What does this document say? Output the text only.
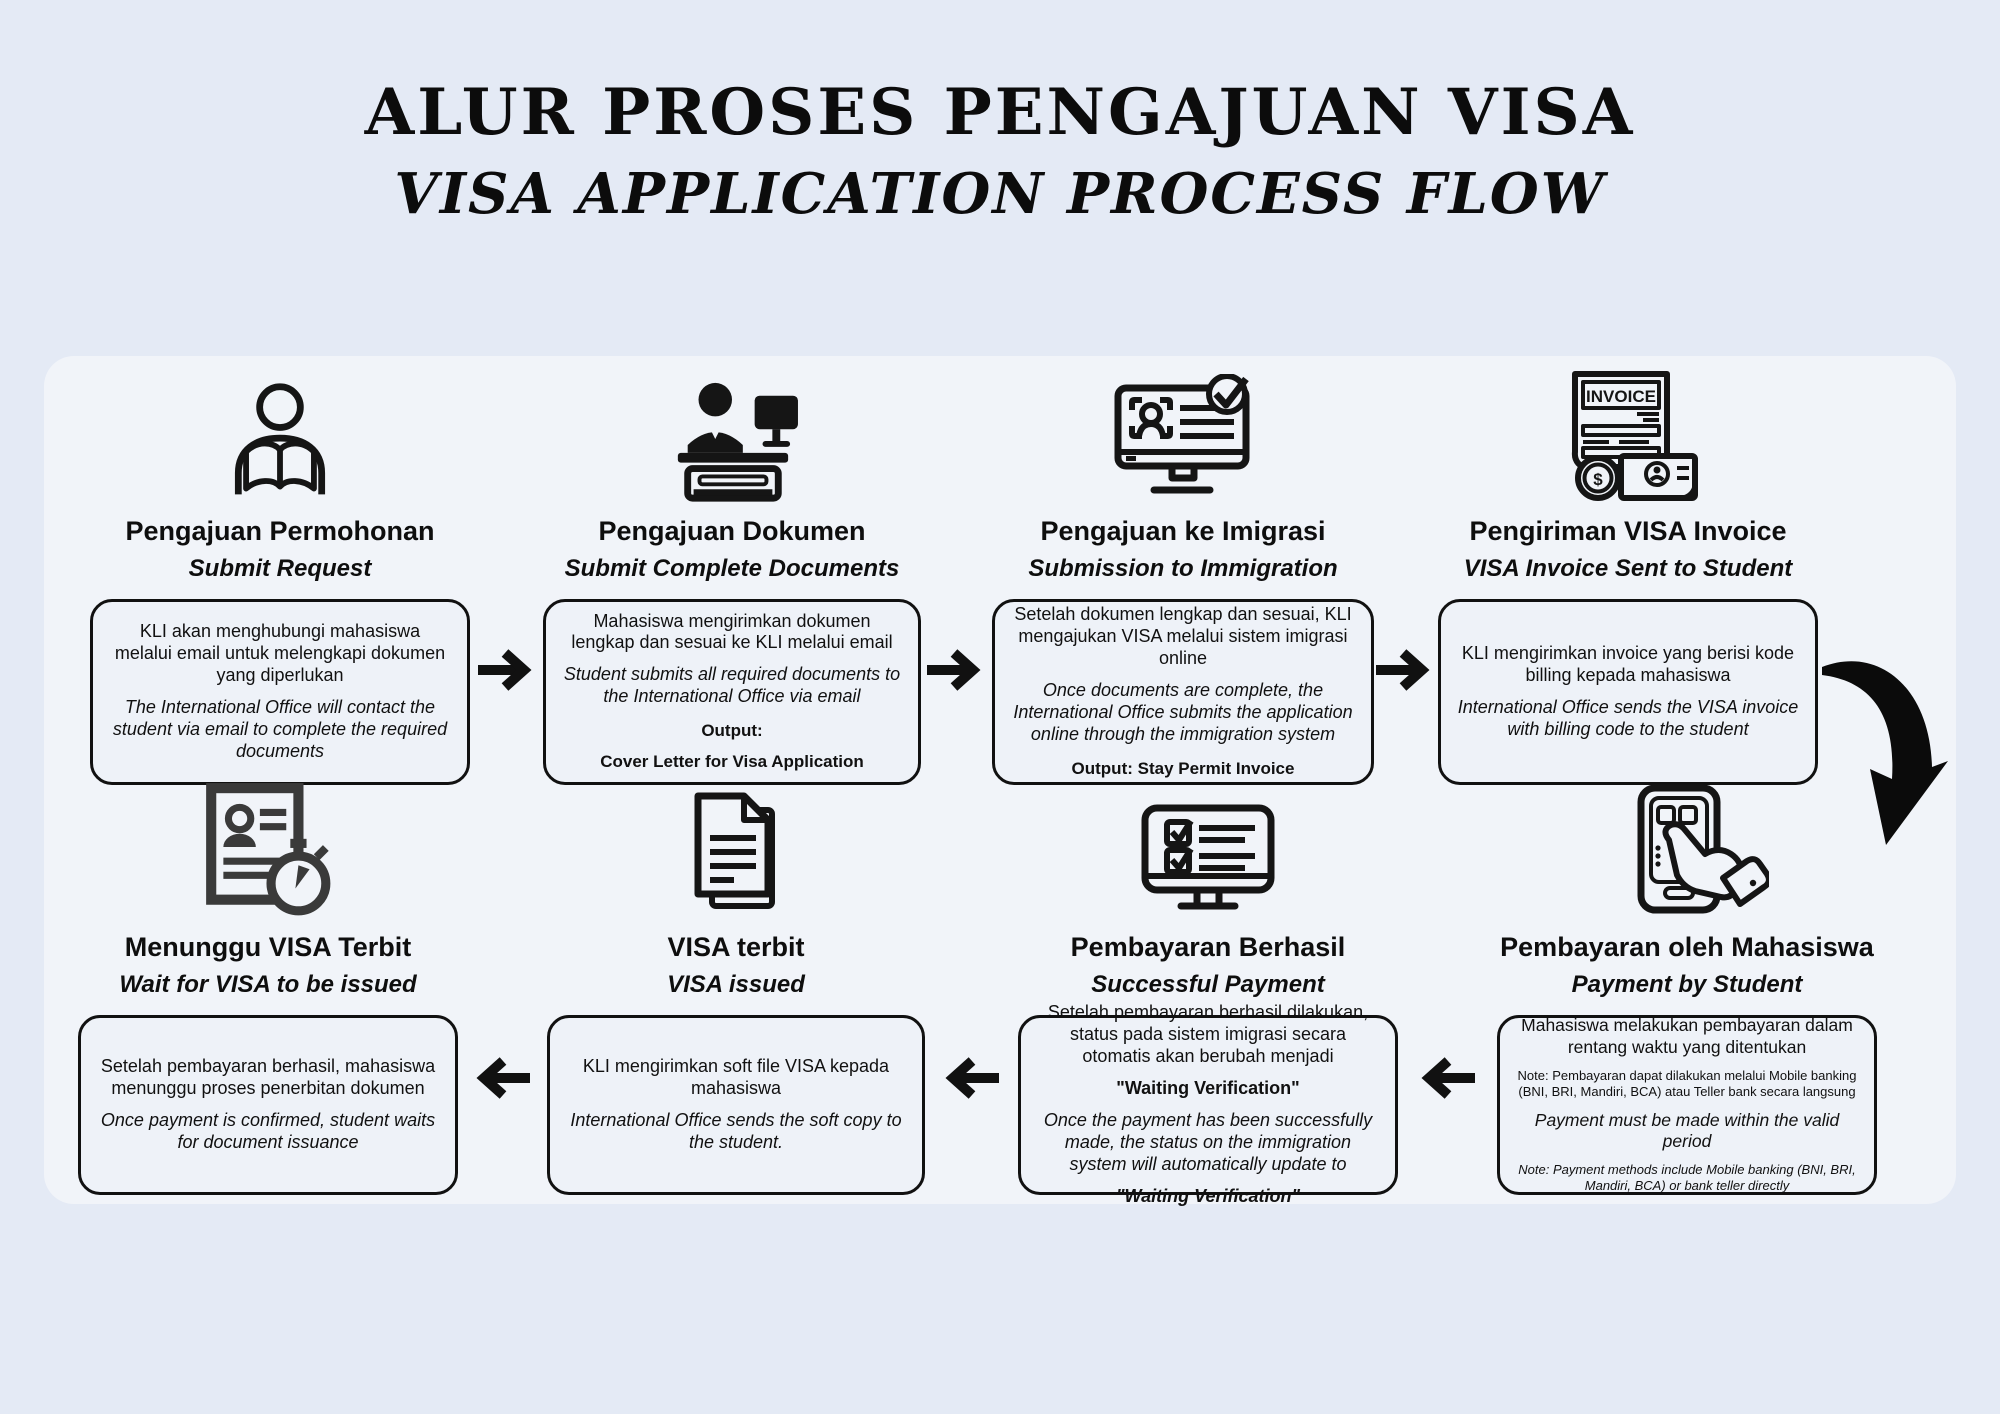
ALUR PROSES PENGAJUAN VISA
VISA APPLICATION PROCESS FLOW
Pengajuan Permohonan
Submit Request

KLI akan menghubungi mahasiswa melalui email untuk melengkapi dokumen yang diperlukan

The International Office will contact the student via email to complete the required documents

Pengajuan Dokumen
Submit Complete Documents

Mahasiswa mengirimkan dokumen lengkap dan sesuai ke KLI melalui email

Student submits all required documents to the International Office via email

Output:

Cover Letter for Visa Application

Pengajuan ke Imigrasi
Submission to Immigration

Setelah dokumen lengkap dan sesuai, KLI mengajukan VISA melalui sistem imigrasi online

Once documents are complete, the International Office submits the application online through the immigration system

Output: Stay Permit Invoice

INVOICE
$
Pengiriman VISA Invoice
VISA Invoice Sent to Student

KLI mengirimkan invoice yang berisi kode billing kepada mahasiswa

International Office sends the VISA invoice with billing code to the student

Menunggu VISA Terbit
Wait for VISA to be issued

Setelah pembayaran berhasil, mahasiswa menunggu proses penerbitan dokumen

Once payment is confirmed, student waits for document issuance

VISA terbit
VISA issued

KLI mengirimkan soft file VISA kepada mahasiswa

International Office sends the soft copy to the student.

Pembayaran Berhasil
Successful Payment

Setelah pembayaran berhasil dilakukan, status pada sistem imigrasi secara otomatis akan berubah menjadi

"Waiting Verification"

Once the payment has been successfully made, the status on the immigration system will automatically update to

"Waiting Verification"

Pembayaran oleh Mahasiswa
Payment by Student

Mahasiswa melakukan pembayaran dalam rentang waktu yang ditentukan

Note: Pembayaran dapat dilakukan melalui Mobile banking (BNI, BRI, Mandiri, BCA) atau Teller bank secara langsung

Payment must be made within the valid period

Note: Payment methods include Mobile banking (BNI, BRI, Mandiri, BCA) or bank teller directly
